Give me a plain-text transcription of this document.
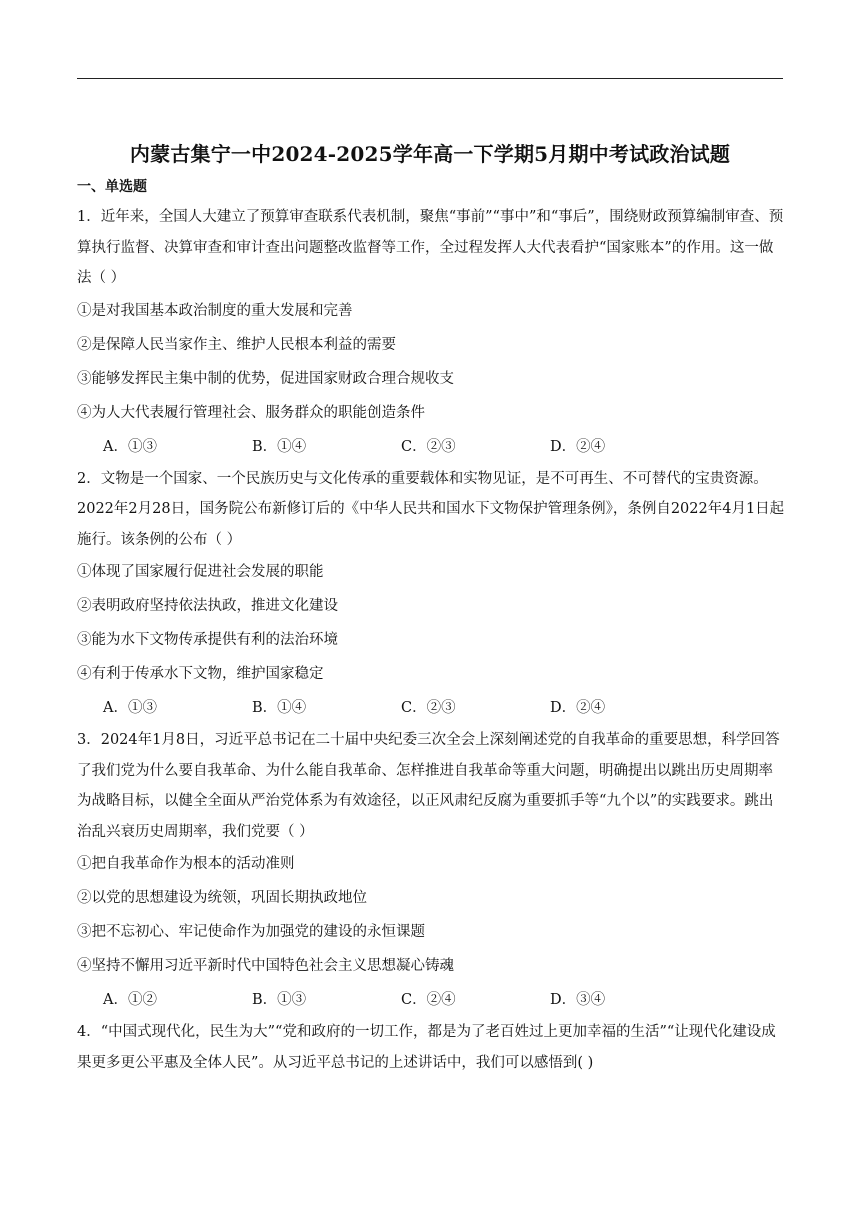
内蒙古集宁一中2024-2025学年高一下学期5月期中考试政治试题
一、单选题

1．近年来，全国人大建立了预算审查联系代表机制，聚焦“事前”“事中”和“事后”，围绕财政预算编制审查、预算执行监督、决算审查和审计查出问题整改监督等工作，全过程发挥人大代表看护“国家账本”的作用。这一做法（ ）

①是对我国基本政治制度的重大发展和完善

②是保障人民当家作主、维护人民根本利益的需要

③能够发挥民主集中制的优势，促进国家财政合理合规收支

④为人大代表履行管理社会、服务群众的职能创造条件

A．①③	B．①④	C．②③	D．②④

2．文物是一个国家、一个民族历史与文化传承的重要载体和实物见证，是不可再生、不可替代的宝贵资源。2022年2月28日，国务院公布新修订后的《中华人民共和国水下文物保护管理条例》，条例自2022年4月1日起施行。该条例的公布（ ）

①体现了国家履行促进社会发展的职能

②表明政府坚持依法执政，推进文化建设

③能为水下文物传承提供有利的法治环境

④有利于传承水下文物，维护国家稳定

A．①③	B．①④	C．②③	D．②④

3．2024年1月8日，习近平总书记在二十届中央纪委三次全会上深刻阐述党的自我革命的重要思想，科学回答了我们党为什么要自我革命、为什么能自我革命、怎样推进自我革命等重大问题，明确提出以跳出历史周期率为战略目标，以健全全面从严治党体系为有效途径，以正风肃纪反腐为重要抓手等“九个以”的实践要求。跳出治乱兴衰历史周期率，我们党要（ ）

①把自我革命作为根本的活动准则

②以党的思想建设为统领，巩固长期执政地位

③把不忘初心、牢记使命作为加强党的建设的永恒课题

④坚持不懈用习近平新时代中国特色社会主义思想凝心铸魂

A．①②	B．①③	C．②④	D．③④

4．“中国式现代化，民生为大”“党和政府的一切工作，都是为了老百姓过上更加幸福的生活”“让现代化建设成果更多更公平惠及全体人民”。从习近平总书记的上述讲话中，我们可以感悟到( )
